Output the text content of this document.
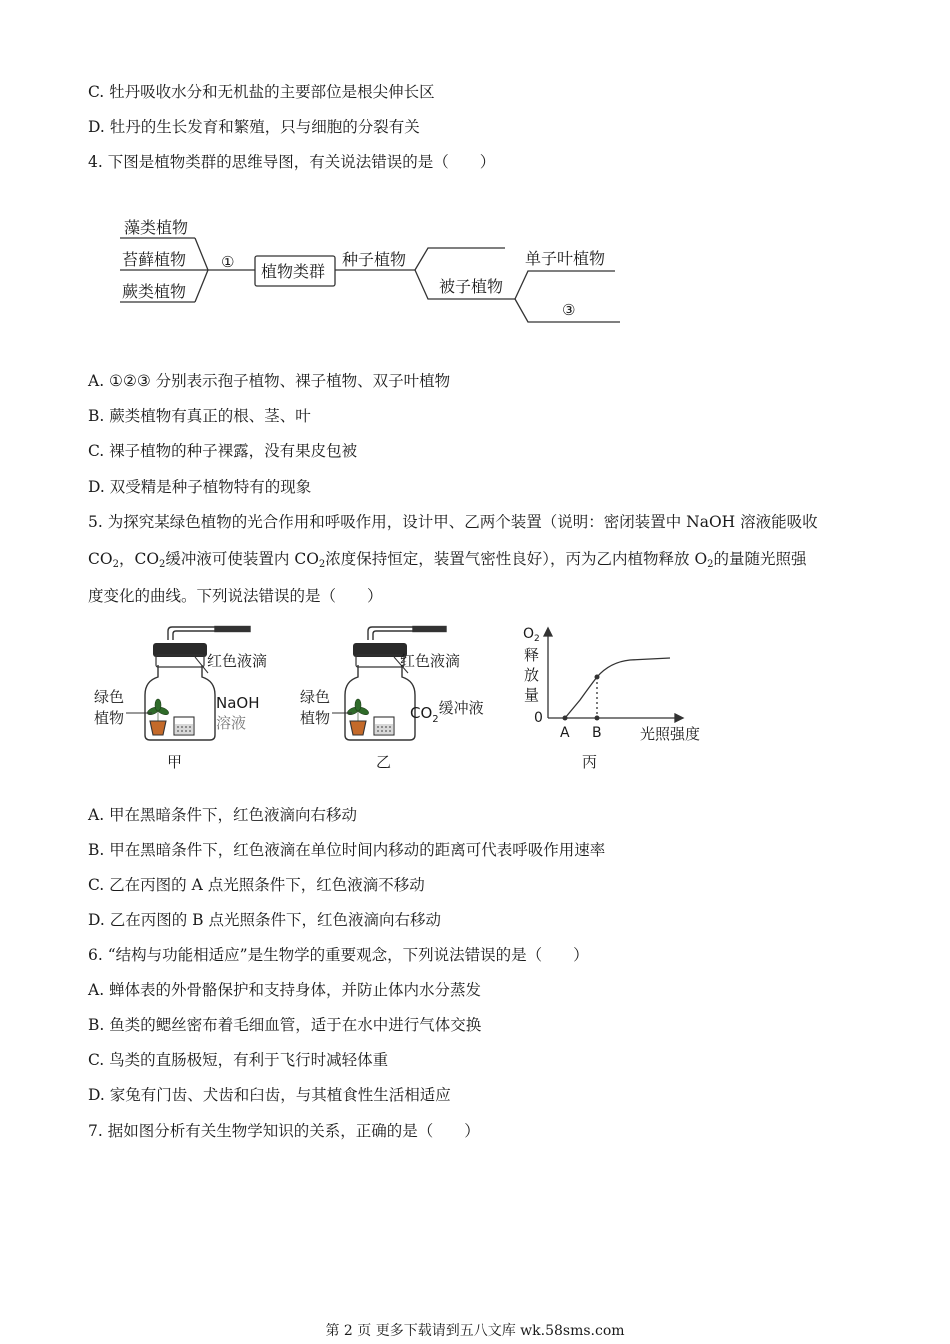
C. 牡丹吸收水分和无机盐的主要部位是根尖伸长区
D. 牡丹的生长发育和繁殖，只与细胞的分裂有关
4. 下图是植物类群的思维导图，有关说法错误的是（　　）
藻类植物
苔藓植物
蕨类植物
① 植物类群
种子植物
被子植物
单子叶植物
③
A. ①②③ 分别表示孢子植物、裸子植物、双子叶植物
B. 蕨类植物有真正的根、茎、叶
C. 裸子植物的种子裸露，没有果皮包被
D. 双受精是种子植物特有的现象
5. 为探究某绿色植物的光合作用和呼吸作用，设计甲、乙两个装置（说明：密闭装置中 NaOH 溶液能吸收
$CO_2$，$CO_2$缓冲液可使装置内 $CO_2$浓度保持恒定，装置气密性良好），丙为乙内植物释放 $O_2$的量随光照强
度变化的曲线。下列说法错误的是（　　）
红色液滴
绿色
植物
NaOH
溶液
甲
红色液滴
绿色
植物	$CO_2$缓冲液
乙
$O_2$
释
放
量
0
A B	光照强度
丙
A. 甲在黑暗条件下，红色液滴向右移动
B. 甲在黑暗条件下，红色液滴在单位时间内移动的距离可代表呼吸作用速率
C. 乙在丙图的 A 点光照条件下，红色液滴不移动
D. 乙在丙图的 B 点光照条件下，红色液滴向右移动
6. “结构与功能相适应”是生物学的重要观念，下列说法错误的是（　　）
A. 蝉体表的外骨骼保护和支持身体，并防止体内水分蒸发
B. 鱼类的鳃丝密布着毛细血管，适于在水中进行气体交换
C. 鸟类的直肠极短，有利于飞行时减轻体重
D. 家兔有门齿、犬齿和臼齿，与其植食性生活相适应
7. 据如图分析有关生物学知识的关系，正确的是（　　）
第 2 页 更多下载请到五八文库 wk.58sms.com
